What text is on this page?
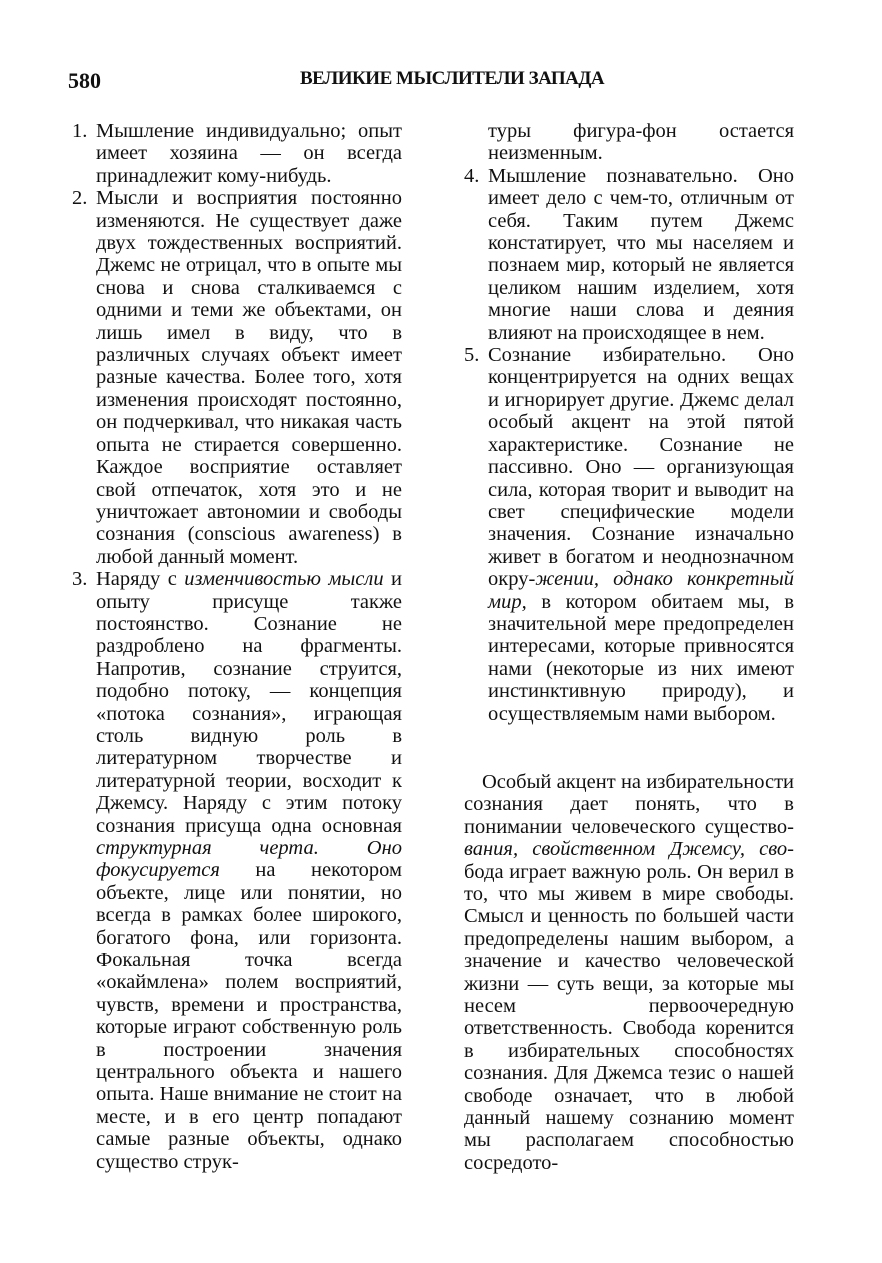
580	ВЕЛИКИЕ МЫСЛИТЕЛИ ЗАПАДА
1. Мышление индивидуально; опыт имеет хозяина — он всегда принадлежит кому-нибудь.
2. Мысли и восприятия постоянно изменяются. Не существует даже двух тождественных восприятий. Джемс не отрицал, что в опыте мы снова и снова сталкиваемся с одними и теми же объектами, он лишь имел в виду, что в различных случаях объект имеет разные качества. Более того, хотя изменения происходят постоянно, он подчеркивал, что никакая часть опыта не стирается совершенно. Каждое восприятие оставляет свой отпечаток, хотя это и не уничтожает автономии и свободы сознания (conscious awareness) в любой данный момент.
3. Наряду с изменчивостью мысли и опыту присуще также постоянство. Сознание не раздроблено на фрагменты. Напротив, сознание струится, подобно потоку, — концепция «потока сознания», играющая столь видную роль в литературном творчестве и литературной теории, восходит к Джемсу. Наряду с этим потоку сознания присуща одна основная структурная черта. Оно фокусируется на некотором объекте, лице или понятии, но всегда в рамках более широкого, богатого фона, или горизонта. Фокальная точка всегда «окаймлена» полем восприятий, чувств, времени и пространства, которые играют собственную роль в построении значения центрального объекта и нашего опыта. Наше внимание не стоит на месте, и в его центр попадают самые разные объекты, однако существо струк-
туры фигура-фон остается неизменным.
4. Мышление познавательно. Оно имеет дело с чем-то, отличным от себя. Таким путем Джемс констатирует, что мы населяем и познаем мир, который не является целиком нашим изделием, хотя многие наши слова и деяния влияют на происходящее в нем.
5. Сознание избирательно. Оно концентрируется на одних вещах и игнорирует другие. Джемс делал особый акцент на этой пятой характеристике. Сознание не пассивно. Оно — организующая сила, которая творит и выводит на свет специфические модели значения. Сознание изначально живет в богатом и неоднозначном окру-жении, однако конкретный мир, в котором обитаем мы, в значительной мере предопределен интересами, которые привносятся нами (некоторые из них имеют инстинктивную природу), и осуществляемым нами выбором.
Особый акцент на избирательности сознания дает понять, что в понимании человеческого существо-вания, свойственном Джемсу, сво-бода играет важную роль. Он верил в то, что мы живем в мире свободы. Смысл и ценность по большей части предопределены нашим выбором, а значение и качество человеческой жизни — суть вещи, за которые мы несем первоочередную ответственность. Свобода коренится в избирательных способностях сознания. Для Джемса тезис о нашей свободе означает, что в любой данный нашему сознанию момент мы располагаем способностью сосредото-
